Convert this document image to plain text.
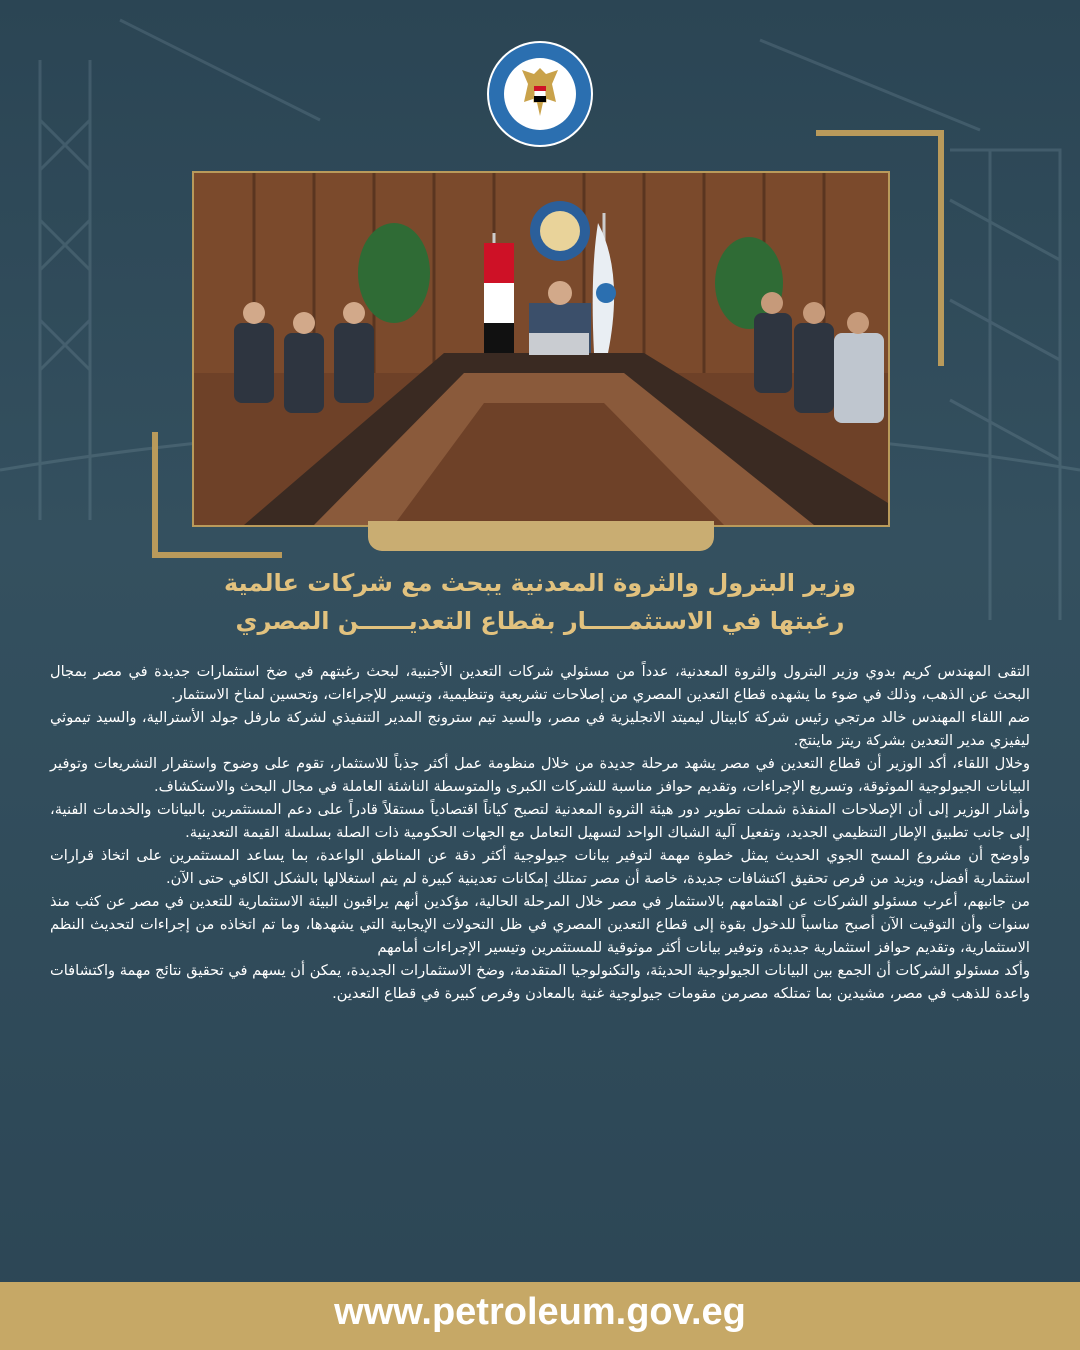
وزير البترول والثروة المعدنية يبحث مع شركات عالمية
رغبتها في الاستثمـــــار بقطاع التعديــــــن المصري

التقى المهندس كريم بدوي وزير البترول والثروة المعدنية، عدداً من مسئولي شركات التعدين الأجنبية، لبحث رغبتهم في ضخ استثمارات جديدة في مصر بمجال البحث عن الذهب، وذلك في ضوء ما يشهده قطاع التعدين المصري من إصلاحات تشريعية وتنظيمية، وتيسير للإجراءات، وتحسين لمناخ الاستثمار.

ضم اللقاء المهندس خالد مرتجي رئيس شركة كابيتال ليميتد الانجليزية في مصر، والسيد تيم سترونج المدير التنفيذي لشركة مارفل جولد الأسترالية، والسيد تيموثي ليفيزي مدير التعدين بشركة ريتز ماينتج.

وخلال اللقاء، أكد الوزير أن قطاع التعدين في مصر يشهد مرحلة جديدة من خلال منظومة عمل أكثر جذباً للاستثمار، تقوم على وضوح واستقرار التشريعات وتوفير البيانات الجيولوجية الموثوقة، وتسريع الإجراءات، وتقديم حوافز مناسبة للشركات الكبرى والمتوسطة الناشئة العاملة في مجال البحث والاستكشاف.

وأشار الوزير إلى أن الإصلاحات المنفذة شملت تطوير دور هيئة الثروة المعدنية لتصبح كياناً اقتصادياً مستقلاً قادراً على دعم المستثمرين بالبيانات والخدمات الفنية، إلى جانب تطبيق الإطار التنظيمي الجديد، وتفعيل آلية الشباك الواحد لتسهيل التعامل مع الجهات الحكومية ذات الصلة بسلسلة القيمة التعدينية.

وأوضح أن مشروع المسح الجوي الحديث يمثل خطوة مهمة لتوفير بيانات جيولوجية أكثر دقة عن المناطق الواعدة، بما يساعد المستثمرين على اتخاذ قرارات استثمارية أفضل، ويزيد من فرص تحقيق اكتشافات جديدة، خاصة أن مصر تمتلك إمكانات تعدينية كبيرة لم يتم استغلالها بالشكل الكافي حتى الآن.

من جانبهم، أعرب مسئولو الشركات عن اهتمامهم بالاستثمار في مصر خلال المرحلة الحالية، مؤكدين أنهم يراقبون البيئة الاستثمارية للتعدين في مصر عن كثب منذ سنوات وأن التوقيت الآن أصبح مناسباً للدخول بقوة إلى قطاع التعدين المصري في ظل التحولات الإيجابية التي يشهدها، وما تم اتخاذه من إجراءات لتحديث النظم الاستثمارية، وتقديم حوافز استثمارية جديدة، وتوفير بيانات أكثر موثوقية للمستثمرين وتيسير الإجراءات أمامهم

وأكد مسئولو الشركات أن الجمع بين البيانات الجيولوجية الحديثة، والتكنولوجيا المتقدمة، وضخ الاستثمارات الجديدة، يمكن أن يسهم في تحقيق نتائج مهمة واكتشافات واعدة للذهب في مصر، مشيدين بما تمتلكه مصرمن مقومات جيولوجية غنية بالمعادن وفرص كبيرة في قطاع التعدين.

www.petroleum.gov.eg
